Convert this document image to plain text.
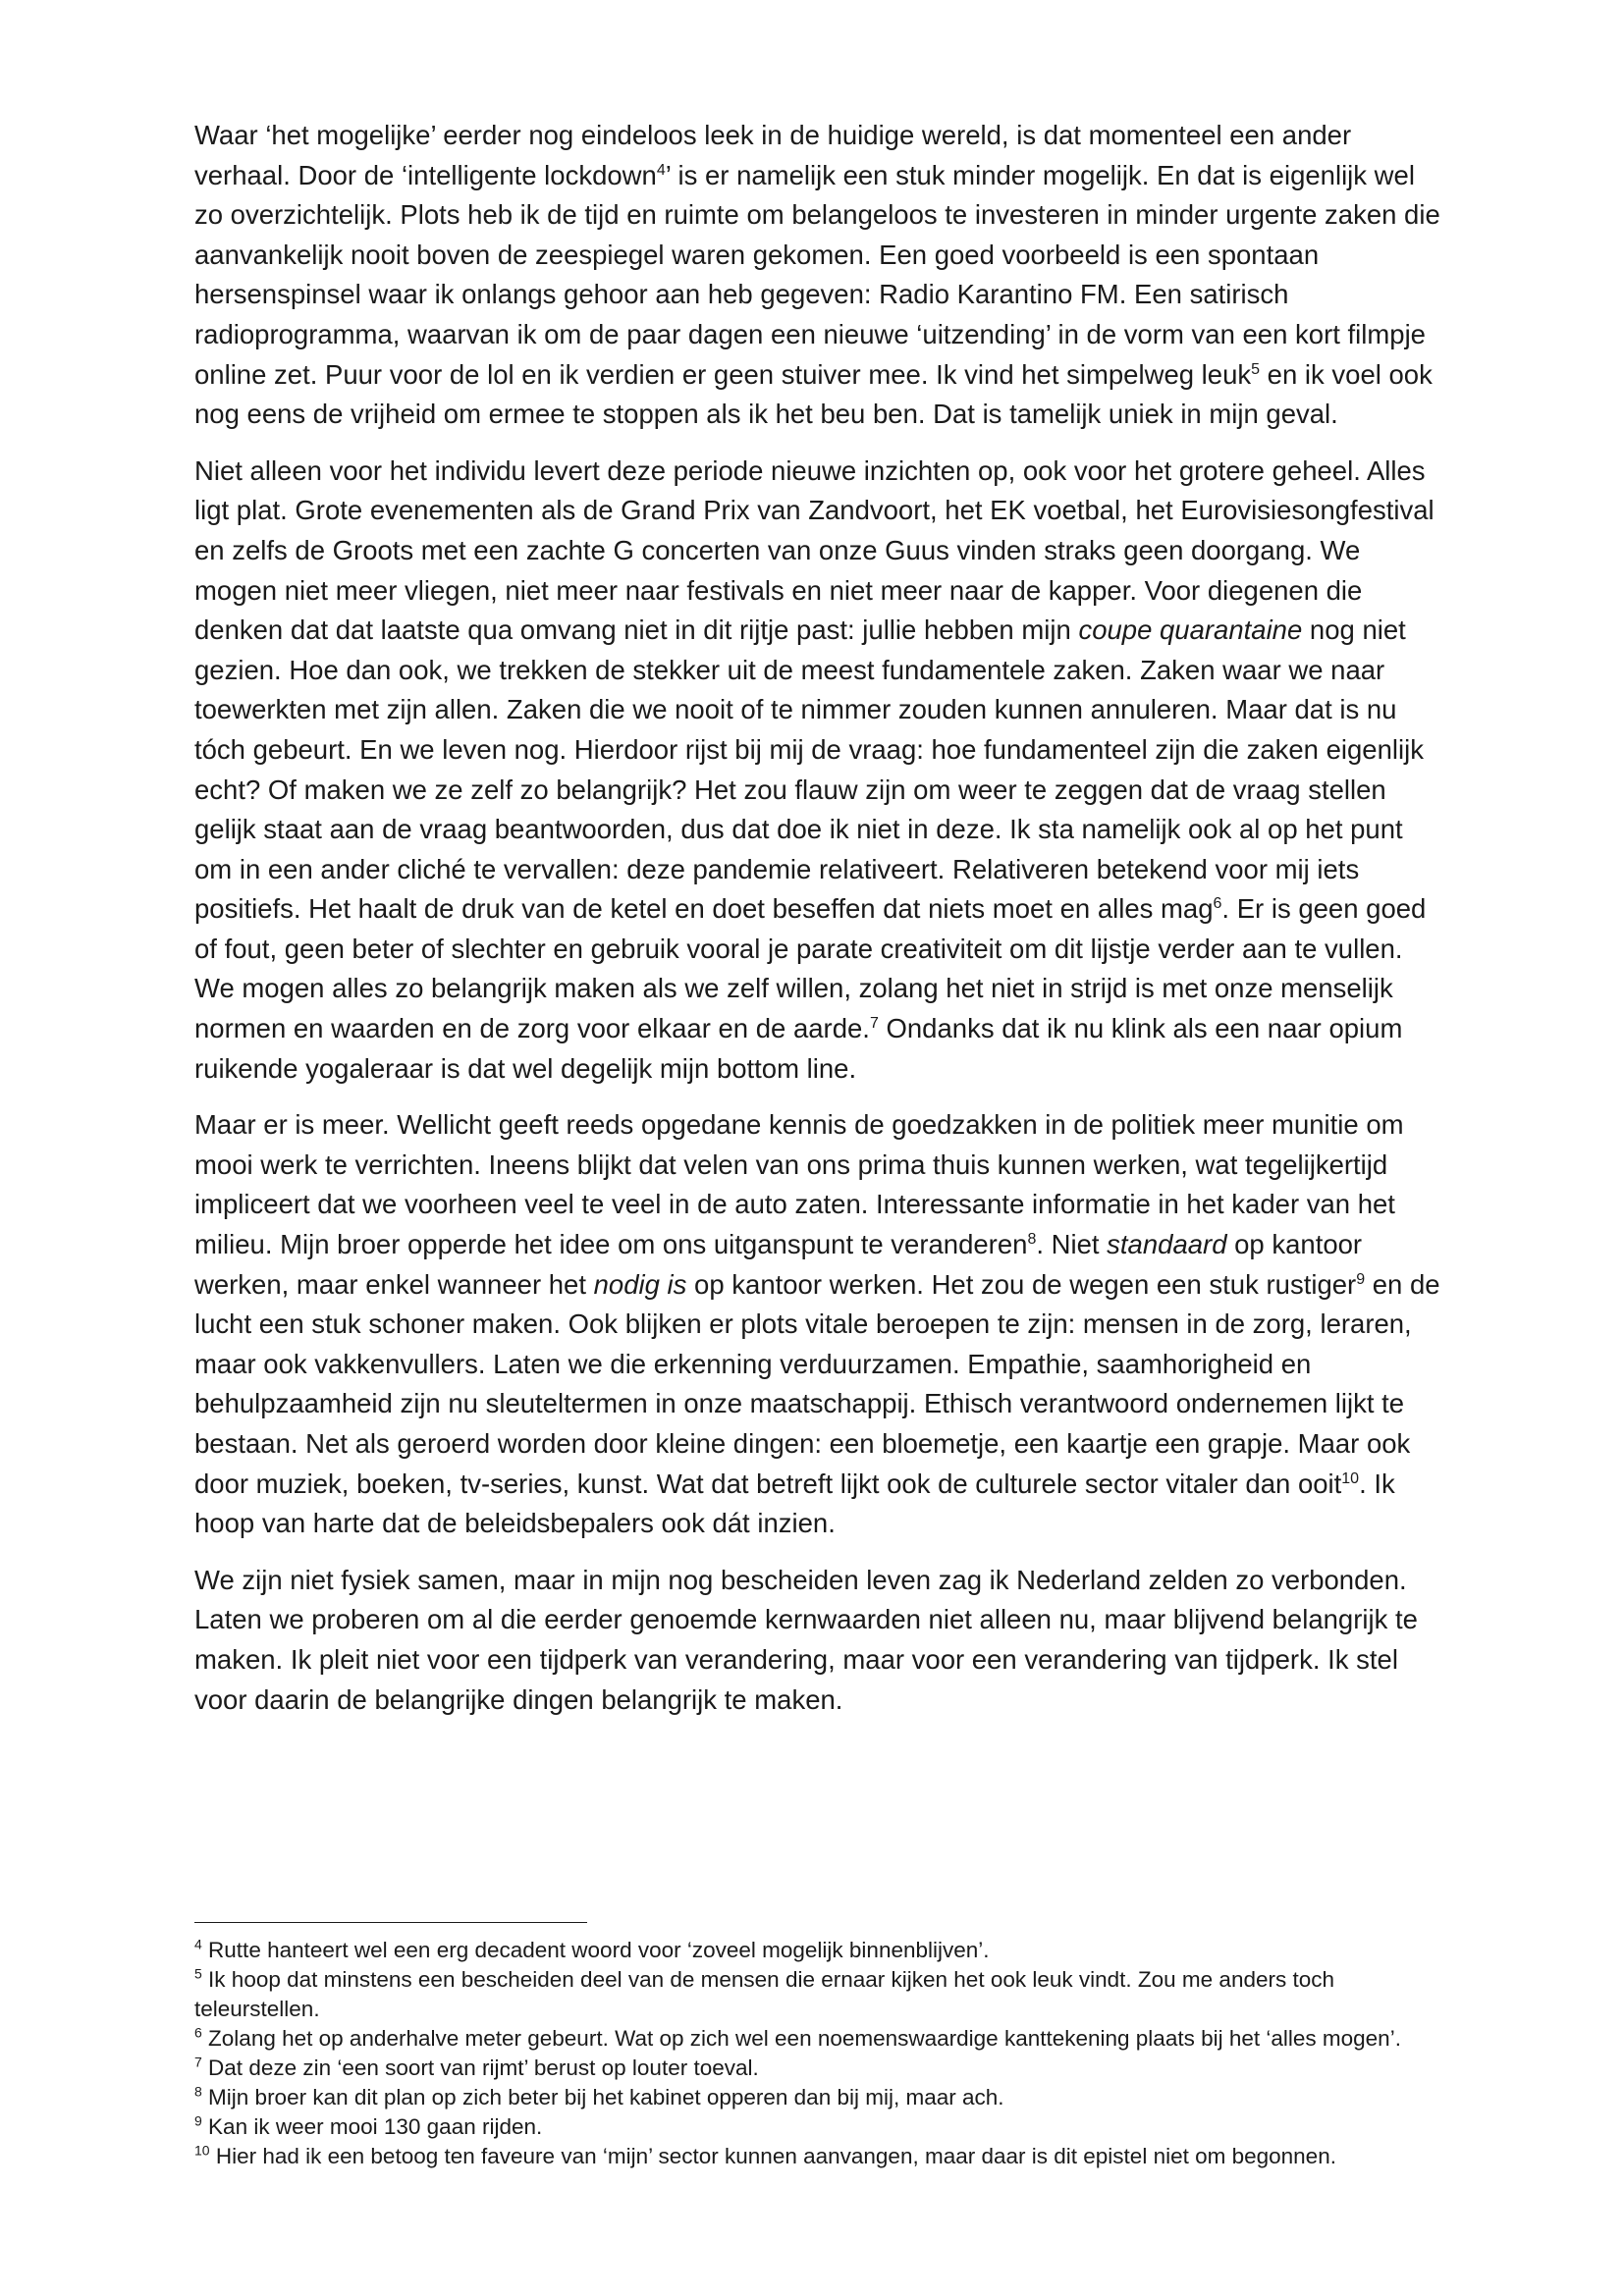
Waar ‘het mogelijke’ eerder nog eindeloos leek in de huidige wereld, is dat momenteel een ander verhaal. Door de ‘intelligente lockdown$^4$’ is er namelijk een stuk minder mogelijk. En dat is eigenlijk wel zo overzichtelijk. Plots heb ik de tijd en ruimte om belangeloos te investeren in minder urgente zaken die aanvankelijk nooit boven de zeespiegel waren gekomen. Een goed voorbeeld is een spontaan hersenspinsel waar ik onlangs gehoor aan heb gegeven: Radio Karantino FM. Een satirisch radioprogramma, waarvan ik om de paar dagen een nieuwe ‘uitzending’ in de vorm van een kort filmpje online zet. Puur voor de lol en ik verdien er geen stuiver mee. Ik vind het simpelweg leuk$^5$ en ik voel ook nog eens de vrijheid om ermee te stoppen als ik het beu ben. Dat is tamelijk uniek in mijn geval.

Niet alleen voor het individu levert deze periode nieuwe inzichten op, ook voor het grotere geheel. Alles ligt plat. Grote evenementen als de Grand Prix van Zandvoort, het EK voetbal, het Eurovisiesongfestival en zelfs de Groots met een zachte G concerten van onze Guus vinden straks geen doorgang. We mogen niet meer vliegen, niet meer naar festivals en niet meer naar de kapper. Voor diegenen die denken dat dat laatste qua omvang niet in dit rijtje past: jullie hebben mijn coupe quarantaine nog niet gezien. Hoe dan ook, we trekken de stekker uit de meest fundamentele zaken. Zaken waar we naar toewerkten met zijn allen. Zaken die we nooit of te nimmer zouden kunnen annuleren. Maar dat is nu tóch gebeurt. En we leven nog. Hierdoor rijst bij mij de vraag: hoe fundamenteel zijn die zaken eigenlijk echt? Of maken we ze zelf zo belangrijk? Het zou flauw zijn om weer te zeggen dat de vraag stellen gelijk staat aan de vraag beantwoorden, dus dat doe ik niet in deze. Ik sta namelijk ook al op het punt om in een ander cliché te vervallen: deze pandemie relativeert. Relativeren betekend voor mij iets positiefs. Het haalt de druk van de ketel en doet beseffen dat niets moet en alles mag$^6$. Er is geen goed of fout, geen beter of slechter en gebruik vooral je parate creativiteit om dit lijstje verder aan te vullen. We mogen alles zo belangrijk maken als we zelf willen, zolang het niet in strijd is met onze menselijk normen en waarden en de zorg voor elkaar en de aarde.$^7$ Ondanks dat ik nu klink als een naar opium ruikende yogaleraar is dat wel degelijk mijn bottom line.

Maar er is meer. Wellicht geeft reeds opgedane kennis de goedzakken in de politiek meer munitie om mooi werk te verrichten. Ineens blijkt dat velen van ons prima thuis kunnen werken, wat tegelijkertijd impliceert dat we voorheen veel te veel in de auto zaten. Interessante informatie in het kader van het milieu. Mijn broer opperde het idee om ons uitganspunt te veranderen$^8$. Niet standaard op kantoor werken, maar enkel wanneer het nodig is op kantoor werken. Het zou de wegen een stuk rustiger$^9$ en de lucht een stuk schoner maken. Ook blijken er plots vitale beroepen te zijn: mensen in de zorg, leraren, maar ook vakkenvullers. Laten we die erkenning verduurzamen. Empathie, saamhorigheid en behulpzaamheid zijn nu sleuteltermen in onze maatschappij. Ethisch verantwoord ondernemen lijkt te bestaan. Net als geroerd worden door kleine dingen: een bloemetje, een kaartje een grapje. Maar ook door muziek, boeken, tv-series, kunst. Wat dat betreft lijkt ook de culturele sector vitaler dan ooit$^{10}$. Ik hoop van harte dat de beleidsbepalers ook dát inzien.

We zijn niet fysiek samen, maar in mijn nog bescheiden leven zag ik Nederland zelden zo verbonden. Laten we proberen om al die eerder genoemde kernwaarden niet alleen nu, maar blijvend belangrijk te maken. Ik pleit niet voor een tijdperk van verandering, maar voor een verandering van tijdperk. Ik stel voor daarin de belangrijke dingen belangrijk te maken.

$^4$ Rutte hanteert wel een erg decadent woord voor ‘zoveel mogelijk binnenblijven’.
$^5$ Ik hoop dat minstens een bescheiden deel van de mensen die ernaar kijken het ook leuk vindt. Zou me anders toch teleurstellen.
$^6$ Zolang het op anderhalve meter gebeurt. Wat op zich wel een noemenswaardige kanttekening plaats bij het ‘alles mogen’.
$^7$ Dat deze zin ‘een soort van rijmt’ berust op louter toeval.
$^8$ Mijn broer kan dit plan op zich beter bij het kabinet opperen dan bij mij, maar ach.
$^9$ Kan ik weer mooi 130 gaan rijden.
$^{10}$ Hier had ik een betoog ten faveure van ‘mijn’ sector kunnen aanvangen, maar daar is dit epistel niet om begonnen.
